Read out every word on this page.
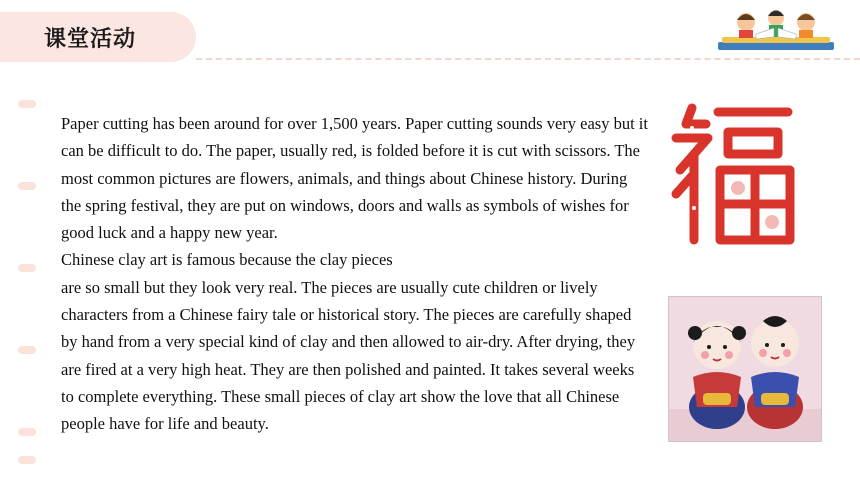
课堂活动

Paper cutting has been around for over 1,500 years. Paper cutting sounds very easy but it can be difficult to do. The paper, usually red, is folded before it is cut with scissors. The most common pictures are flowers, animals, and things about Chinese history. During the spring festival, they are put on windows, doors and walls as symbols of wishes for good luck and a happy new year.

Chinese clay art is famous because the clay pieces

are so small but they look very real. The pieces are usually cute children or lively characters from a Chinese fairy tale or historical story. The pieces are carefully shaped by hand from a very special kind of clay and then allowed to air-dry. After drying, they are fired at a very high heat. They are then polished and painted. It takes several weeks to complete everything. These small pieces of clay art show the love that all Chinese people have for life and beauty.
